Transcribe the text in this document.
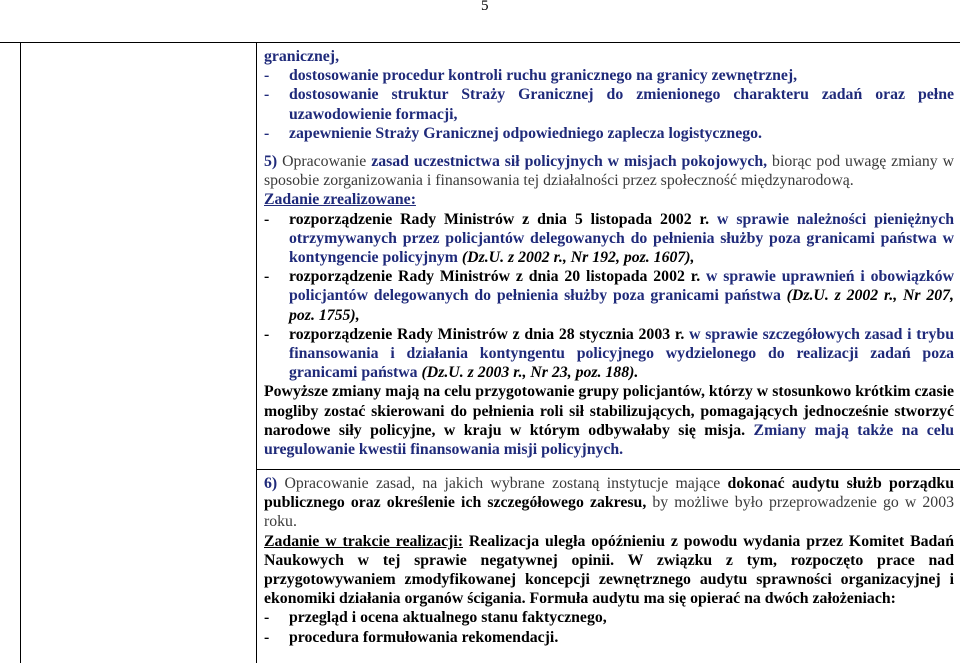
5

granicznej,

-	dostosowanie procedur kontroli ruchu granicznego na granicy zewnętrznej,
-	dostosowanie struktur Straży Granicznej do zmienionego charakteru zadań oraz pełne uzawodowienie formacji,
-	zapewnienie Straży Granicznej odpowiedniego zaplecza logistycznego.

5) Opracowanie zasad uczestnictwa sił policyjnych w misjach pokojowych, biorąc pod uwagę zmiany w sposobie zorganizowania i finansowania tej działalności przez społeczność międzynarodową.

Zadanie zrealizowane:

-	rozporządzenie Rady Ministrów z dnia 5 listopada 2002 r. w sprawie należności pieniężnych otrzymywanych przez policjantów delegowanych do pełnienia służby poza granicami państwa w kontyngencie policyjnym (Dz.U. z 2002 r., Nr 192, poz. 1607),
-	rozporządzenie Rady Ministrów z dnia 20 listopada 2002 r. w sprawie uprawnień i obowiązków policjantów delegowanych do pełnienia służby poza granicami państwa (Dz.U. z 2002 r., Nr 207, poz. 1755),
-	rozporządzenie Rady Ministrów z dnia 28 stycznia 2003 r. w sprawie szczegółowych zasad i trybu finansowania i działania kontyngentu policyjnego wydzielonego do realizacji zadań poza granicami państwa (Dz.U. z 2003 r., Nr 23, poz. 188).

Powyższe zmiany mają na celu przygotowanie grupy policjantów, którzy w stosunkowo krótkim czasie mogliby zostać skierowani do pełnienia roli sił stabilizujących, pomagających jednocześnie stworzyć narodowe siły policyjne, w kraju w którym odbywałaby się misja. Zmiany mają także na celu uregulowanie kwestii finansowania misji policyjnych.

6) Opracowanie zasad, na jakich wybrane zostaną instytucje mające dokonać audytu służb porządku publicznego oraz określenie ich szczegółowego zakresu, by możliwe było przeprowadzenie go w 2003 roku.

Zadanie w trakcie realizacji: Realizacja uległa opóźnieniu z powodu wydania przez Komitet Badań Naukowych w tej sprawie negatywnej opinii. W związku z tym, rozpoczęto prace nad przygotowywaniem zmodyfikowanej koncepcji zewnętrznego audytu sprawności organizacyjnej i ekonomiki działania organów ścigania. Formuła audytu ma się opierać na dwóch założeniach:

-	przegląd i ocena aktualnego stanu faktycznego,
-	procedura formułowania rekomendacji.
